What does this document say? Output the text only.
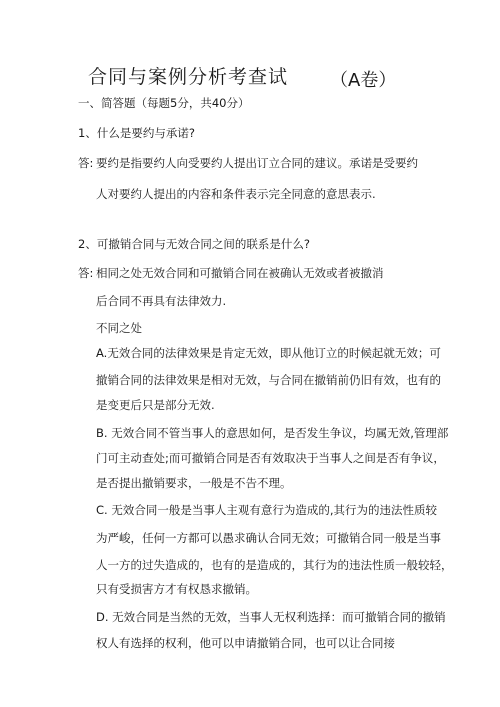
合同与案例分析考查试 （A卷）
一、简答题（每题5分，共40分）
1、什么是要约与承诺?
答: 要约是指要约人向受要约人提出订立合同的建议。承诺是受要约
人对要约人提出的内容和条件表示完全同意的意思表示.
2、可撤销合同与无效合同之间的联系是什么?
答: 相同之处 无效合同和可撤销合同在被确认无效或者被撤消
后合同不再具有法律效力.
不同之处
A.无效合同的法律效果是肯定无效，即从他订立的时候起就无效；可
撤销合同的法律效果是相对无效，与合同在撤销前仍旧有效，也有的
是变更后只是部分无效.
B. 无效合同不管当事人的意思如何，是否发生争议，均属无效,管理部
门可主动查处;而可撤销合同是否有效取决于当事人之间是否有争议，
是否提出撤销要求，一般是不告不理。
C. 无效合同一般是当事人主观有意行为造成的,其行为的违法性质较
为严峻，任何一方都可以愚求确认合同无效；可撤销合同一般是当事
人一方的过失造成的，也有的是造成的，其行为的违法性质一般较轻，
只有受损害方才有权恳求撤销。
D. 无效合同是当然的无效，当事人无权利选择：而可撤销合同的撤销
权人有选择的权利，他可以申请撤销合同，也可以让合同接
